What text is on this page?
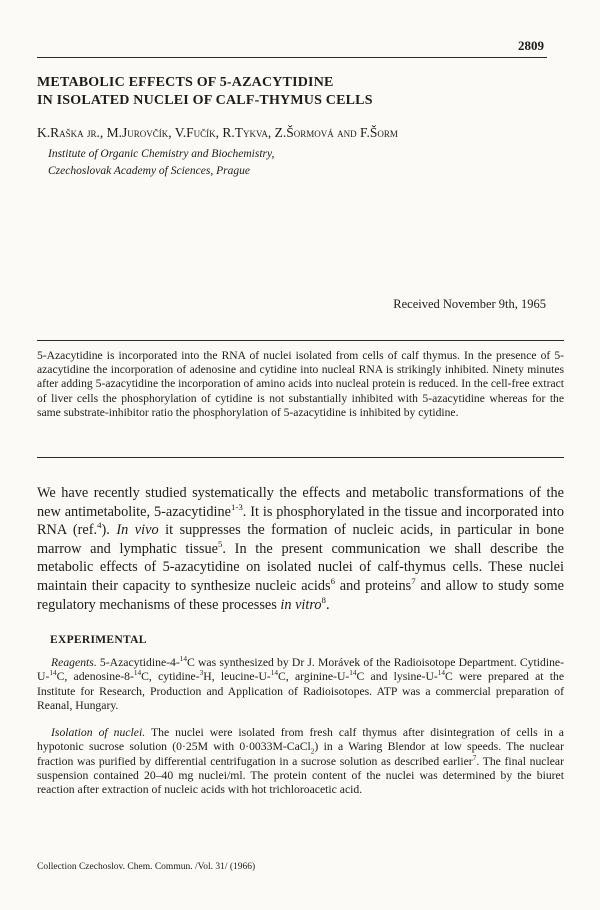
2809
METABOLIC EFFECTS OF 5-AZACYTIDINE
IN ISOLATED NUCLEI OF CALF-THYMUS CELLS
K.Raška jr., M.Jurovčík, V.Fučík, R.Tykva, Z.Šormová and F.Šorm
Institute of Organic Chemistry and Biochemistry,
Czechoslovak Academy of Sciences, Prague
Received November 9th, 1965
5-Azacytidine is incorporated into the RNA of nuclei isolated from cells of calf thymus. In the presence of 5-azacytidine the incorporation of adenosine and cytidine into nucleal RNA is strikingly inhibited. Ninety minutes after adding 5-azacytidine the incorporation of amino acids into nucleal protein is reduced. In the cell-free extract of liver cells the phosphorylation of cytidine is not substantially inhibited with 5-azacytidine whereas for the same substrate-inhibitor ratio the phosphorylation of 5-azacytidine is inhibited by cytidine.
We have recently studied systematically the effects and metabolic transformations of the new antimetabolite, 5-azacytidine$^{1-3}$. It is phosphorylated in the tissue and incorporated into RNA (ref.$^4$). In vivo it suppresses the formation of nucleic acids, in particular in bone marrow and lymphatic tissue$^5$. In the present communication we shall describe the metabolic effects of 5-azacytidine on isolated nuclei of calf-thymus cells. These nuclei maintain their capacity to synthesize nucleic acids$^6$ and proteins$^7$ and allow to study some regulatory mechanisms of these processes in vitro$^8$.
EXPERIMENTAL
Reagents. 5-Azacytidine-4-$^{14}$C was synthesized by Dr J. Morávek of the Radioisotope Department. Cytidine-U-$^{14}$C, adenosine-8-$^{14}$C, cytidine-$^3$H, leucine-U-$^{14}$C, arginine-U-$^{14}$C and lysine-U-$^{14}$C were prepared at the Institute for Research, Production and Application of Radioisotopes. ATP was a commercial preparation of Reanal, Hungary.
Isolation of nuclei. The nuclei were isolated from fresh calf thymus after disintegration of cells in a hypotonic sucrose solution (0·25M with 0·0033M-CaCl$_2$) in a Waring Blendor at low speeds. The nuclear fraction was purified by differential centrifugation in a sucrose solution as described earlier$^7$. The final nuclear suspension contained 20–40 mg nuclei/ml. The protein content of the nuclei was determined by the biuret reaction after extraction of nucleic acids with hot trichloroacetic acid.
Collection Czechoslov. Chem. Commun. /Vol. 31/ (1966)
